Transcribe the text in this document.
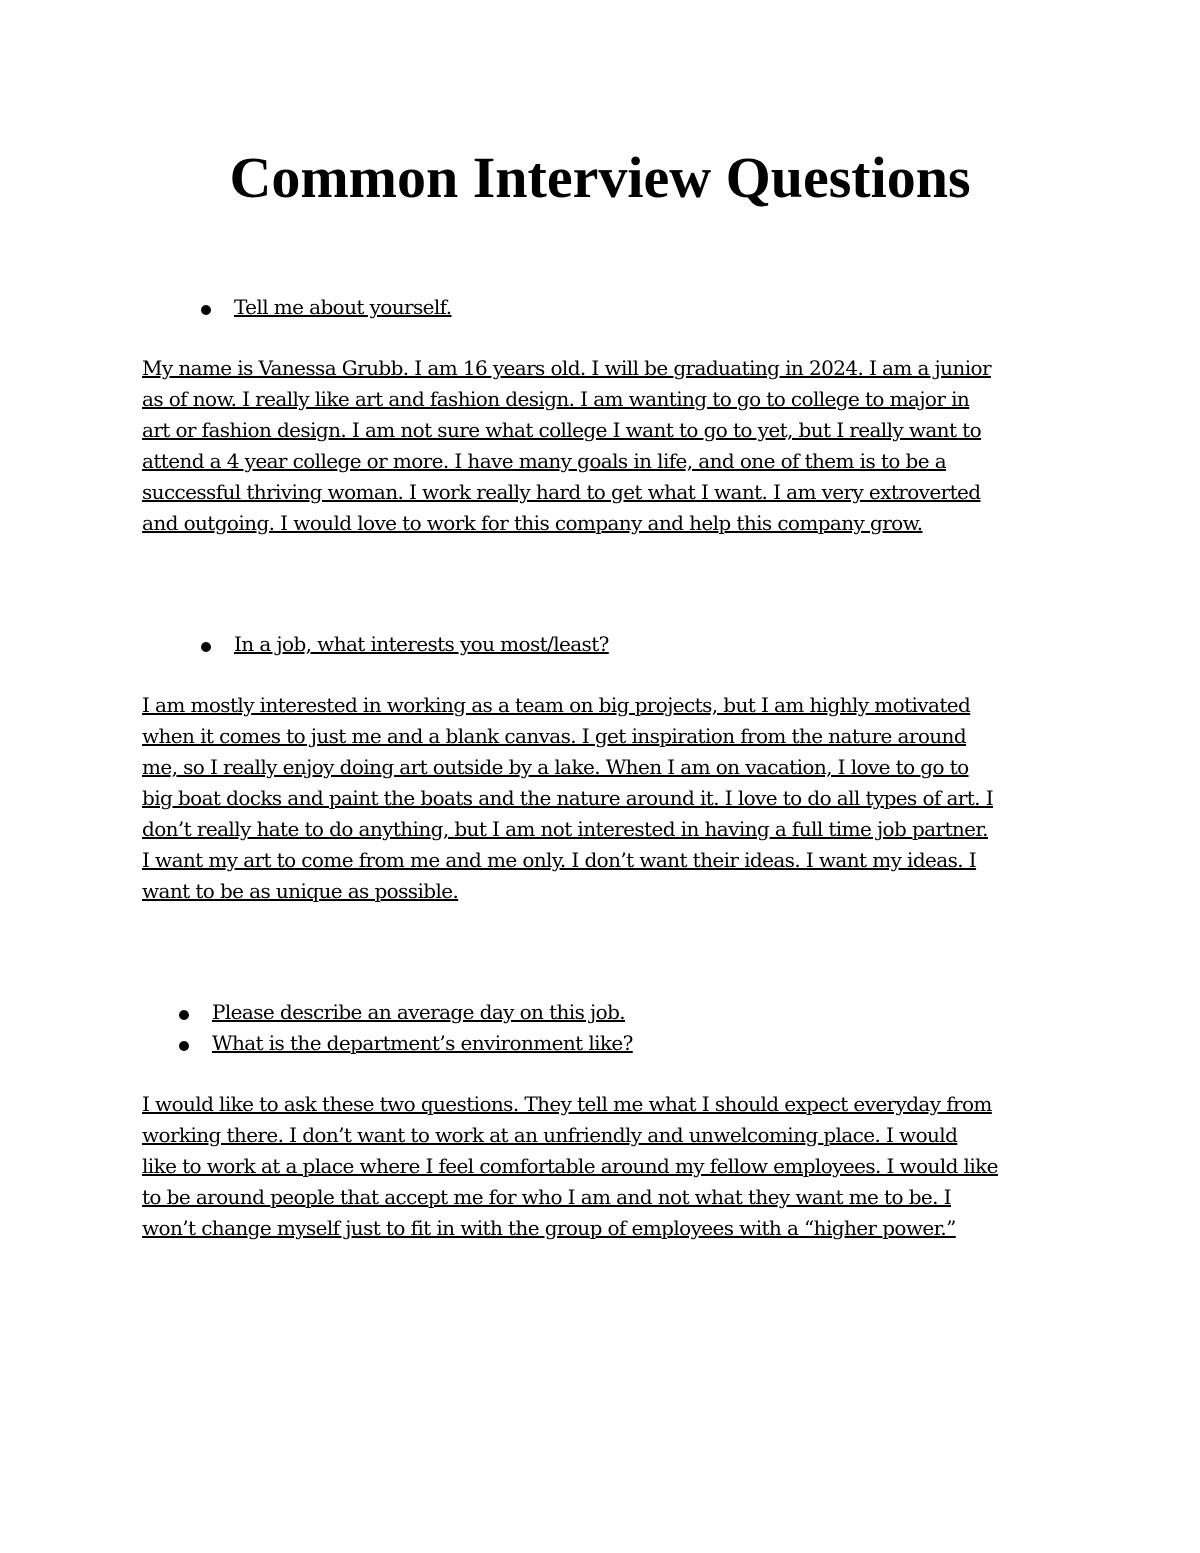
Common Interview Questions
Tell me about yourself.
My name is Vanessa Grubb. I am 16 years old. I will be graduating in 2024. I am a junior
as of now. I really like art and fashion design. I am wanting to go to college to major in
art or fashion design. I am not sure what college I want to go to yet, but I really want to
attend a 4 year college or more. I have many goals in life, and one of them is to be a
successful thriving woman. I work really hard to get what I want. I am very extroverted
and outgoing. I would love to work for this company and help this company grow.
In a job, what interests you most/least?
I am mostly interested in working as a team on big projects, but I am highly motivated
when it comes to just me and a blank canvas. I get inspiration from the nature around
me, so I really enjoy doing art outside by a lake. When I am on vacation, I love to go to
big boat docks and paint the boats and the nature around it. I love to do all types of art. I
don’t really hate to do anything, but I am not interested in having a full time job partner.
I want my art to come from me and me only. I don’t want their ideas. I want my ideas. I
want to be as unique as possible.
Please describe an average day on this job.
What is the department’s environment like?
I would like to ask these two questions. They tell me what I should expect everyday from
working there. I don’t want to work at an unfriendly and unwelcoming place. I would
like to work at a place where I feel comfortable around my fellow employees. I would like
to be around people that accept me for who I am and not what they want me to be. I
won’t change myself just to fit in with the group of employees with a “higher power.”
